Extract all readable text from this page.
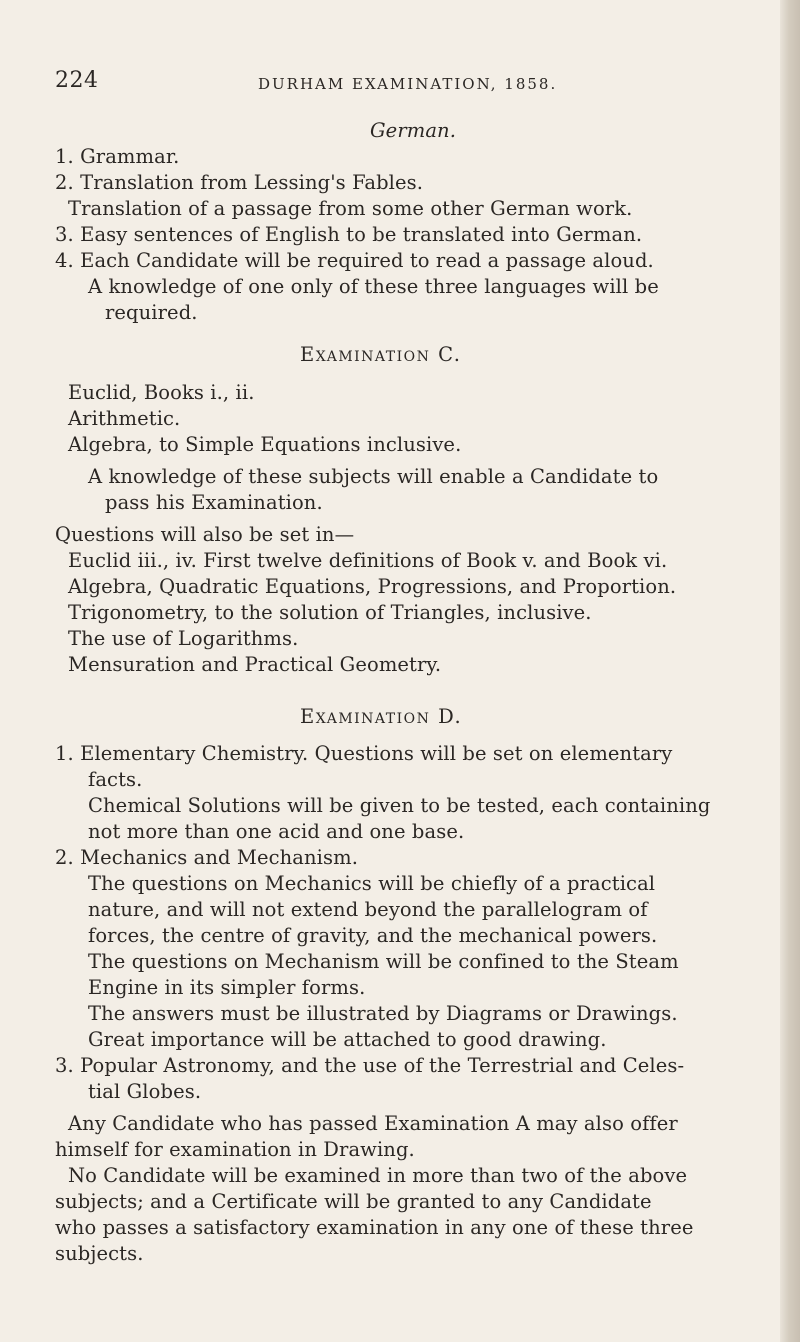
224	DURHAM EXAMINATION, 1858.
German.
1. Grammar.
2. Translation from Lessing's Fables.
Translation of a passage from some other German work.
3. Easy sentences of English to be translated into German.
4. Each Candidate will be required to read a passage aloud.
A knowledge of one only of these three languages will be
required.
Examination C.
Euclid, Books i., ii.
Arithmetic.
Algebra, to Simple Equations inclusive.
A knowledge of these subjects will enable a Candidate to
pass his Examination.
Questions will also be set in—
Euclid iii., iv. First twelve definitions of Book v. and Book vi.
Algebra, Quadratic Equations, Progressions, and Proportion.
Trigonometry, to the solution of Triangles, inclusive.
The use of Logarithms.
Mensuration and Practical Geometry.
Examination D.
1. Elementary Chemistry. Questions will be set on elementary
facts.
Chemical Solutions will be given to be tested, each containing
not more than one acid and one base.
2. Mechanics and Mechanism.
The questions on Mechanics will be chiefly of a practical
nature, and will not extend beyond the parallelogram of
forces, the centre of gravity, and the mechanical powers.
The questions on Mechanism will be confined to the Steam
Engine in its simpler forms.
The answers must be illustrated by Diagrams or Drawings.
Great importance will be attached to good drawing.
3. Popular Astronomy, and the use of the Terrestrial and Celes-
tial Globes.
Any Candidate who has passed Examination A may also offer
himself for examination in Drawing.
No Candidate will be examined in more than two of the above
subjects; and a Certificate will be granted to any Candidate
who passes a satisfactory examination in any one of these three
subjects.
